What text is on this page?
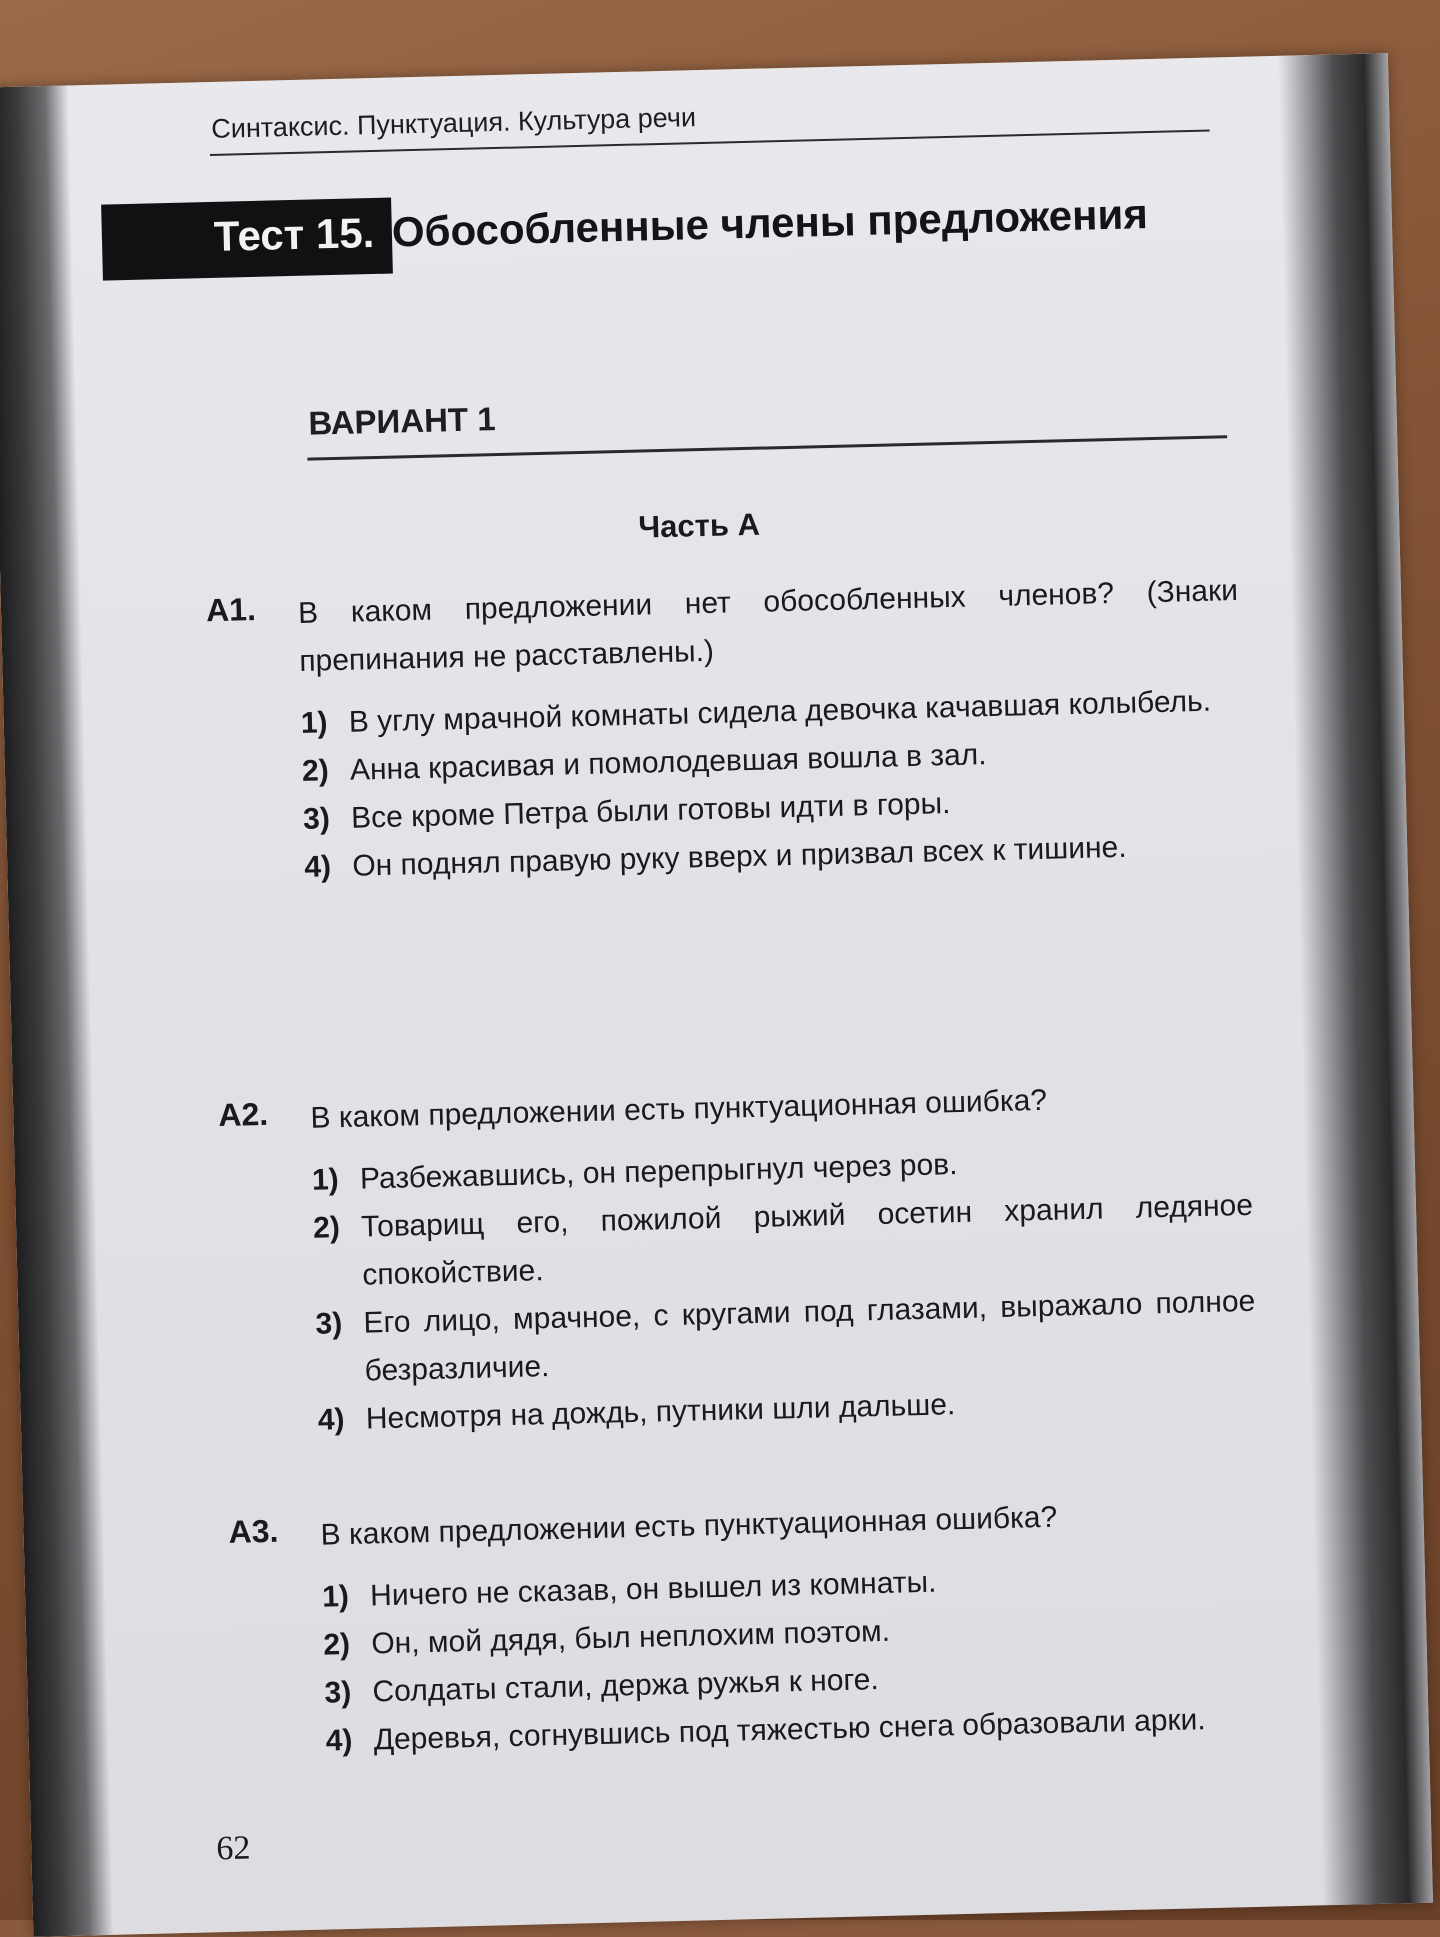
Синтаксис. Пунктуация. Культура речи
Тест 15. Обособленные члены предложения
ВАРИАНТ 1
Часть А
А1. В каком предложении нет обособленных членов? (Знаки препинания не расставлены.)
1) В углу мрачной комнаты сидела девочка качавшая колыбель.
2) Анна красивая и помолодевшая вошла в зал.
3) Все кроме Петра были готовы идти в горы.
4) Он поднял правую руку вверх и призвал всех к тишине.
А2. В каком предложении есть пунктуационная ошибка?
1) Разбежавшись, он перепрыгнул через ров.
2) Товарищ его, пожилой рыжий осетин хранил ледяное спокойствие.
3) Его лицо, мрачное, с кругами под глазами, выражало полное безразличие.
4) Несмотря на дождь, путники шли дальше.
А3. В каком предложении есть пунктуационная ошибка?
1) Ничего не сказав, он вышел из комнаты.
2) Он, мой дядя, был неплохим поэтом.
3) Солдаты стали, держа ружья к ноге.
4) Деревья, согнувшись под тяжестью снега образовали арки.
62
